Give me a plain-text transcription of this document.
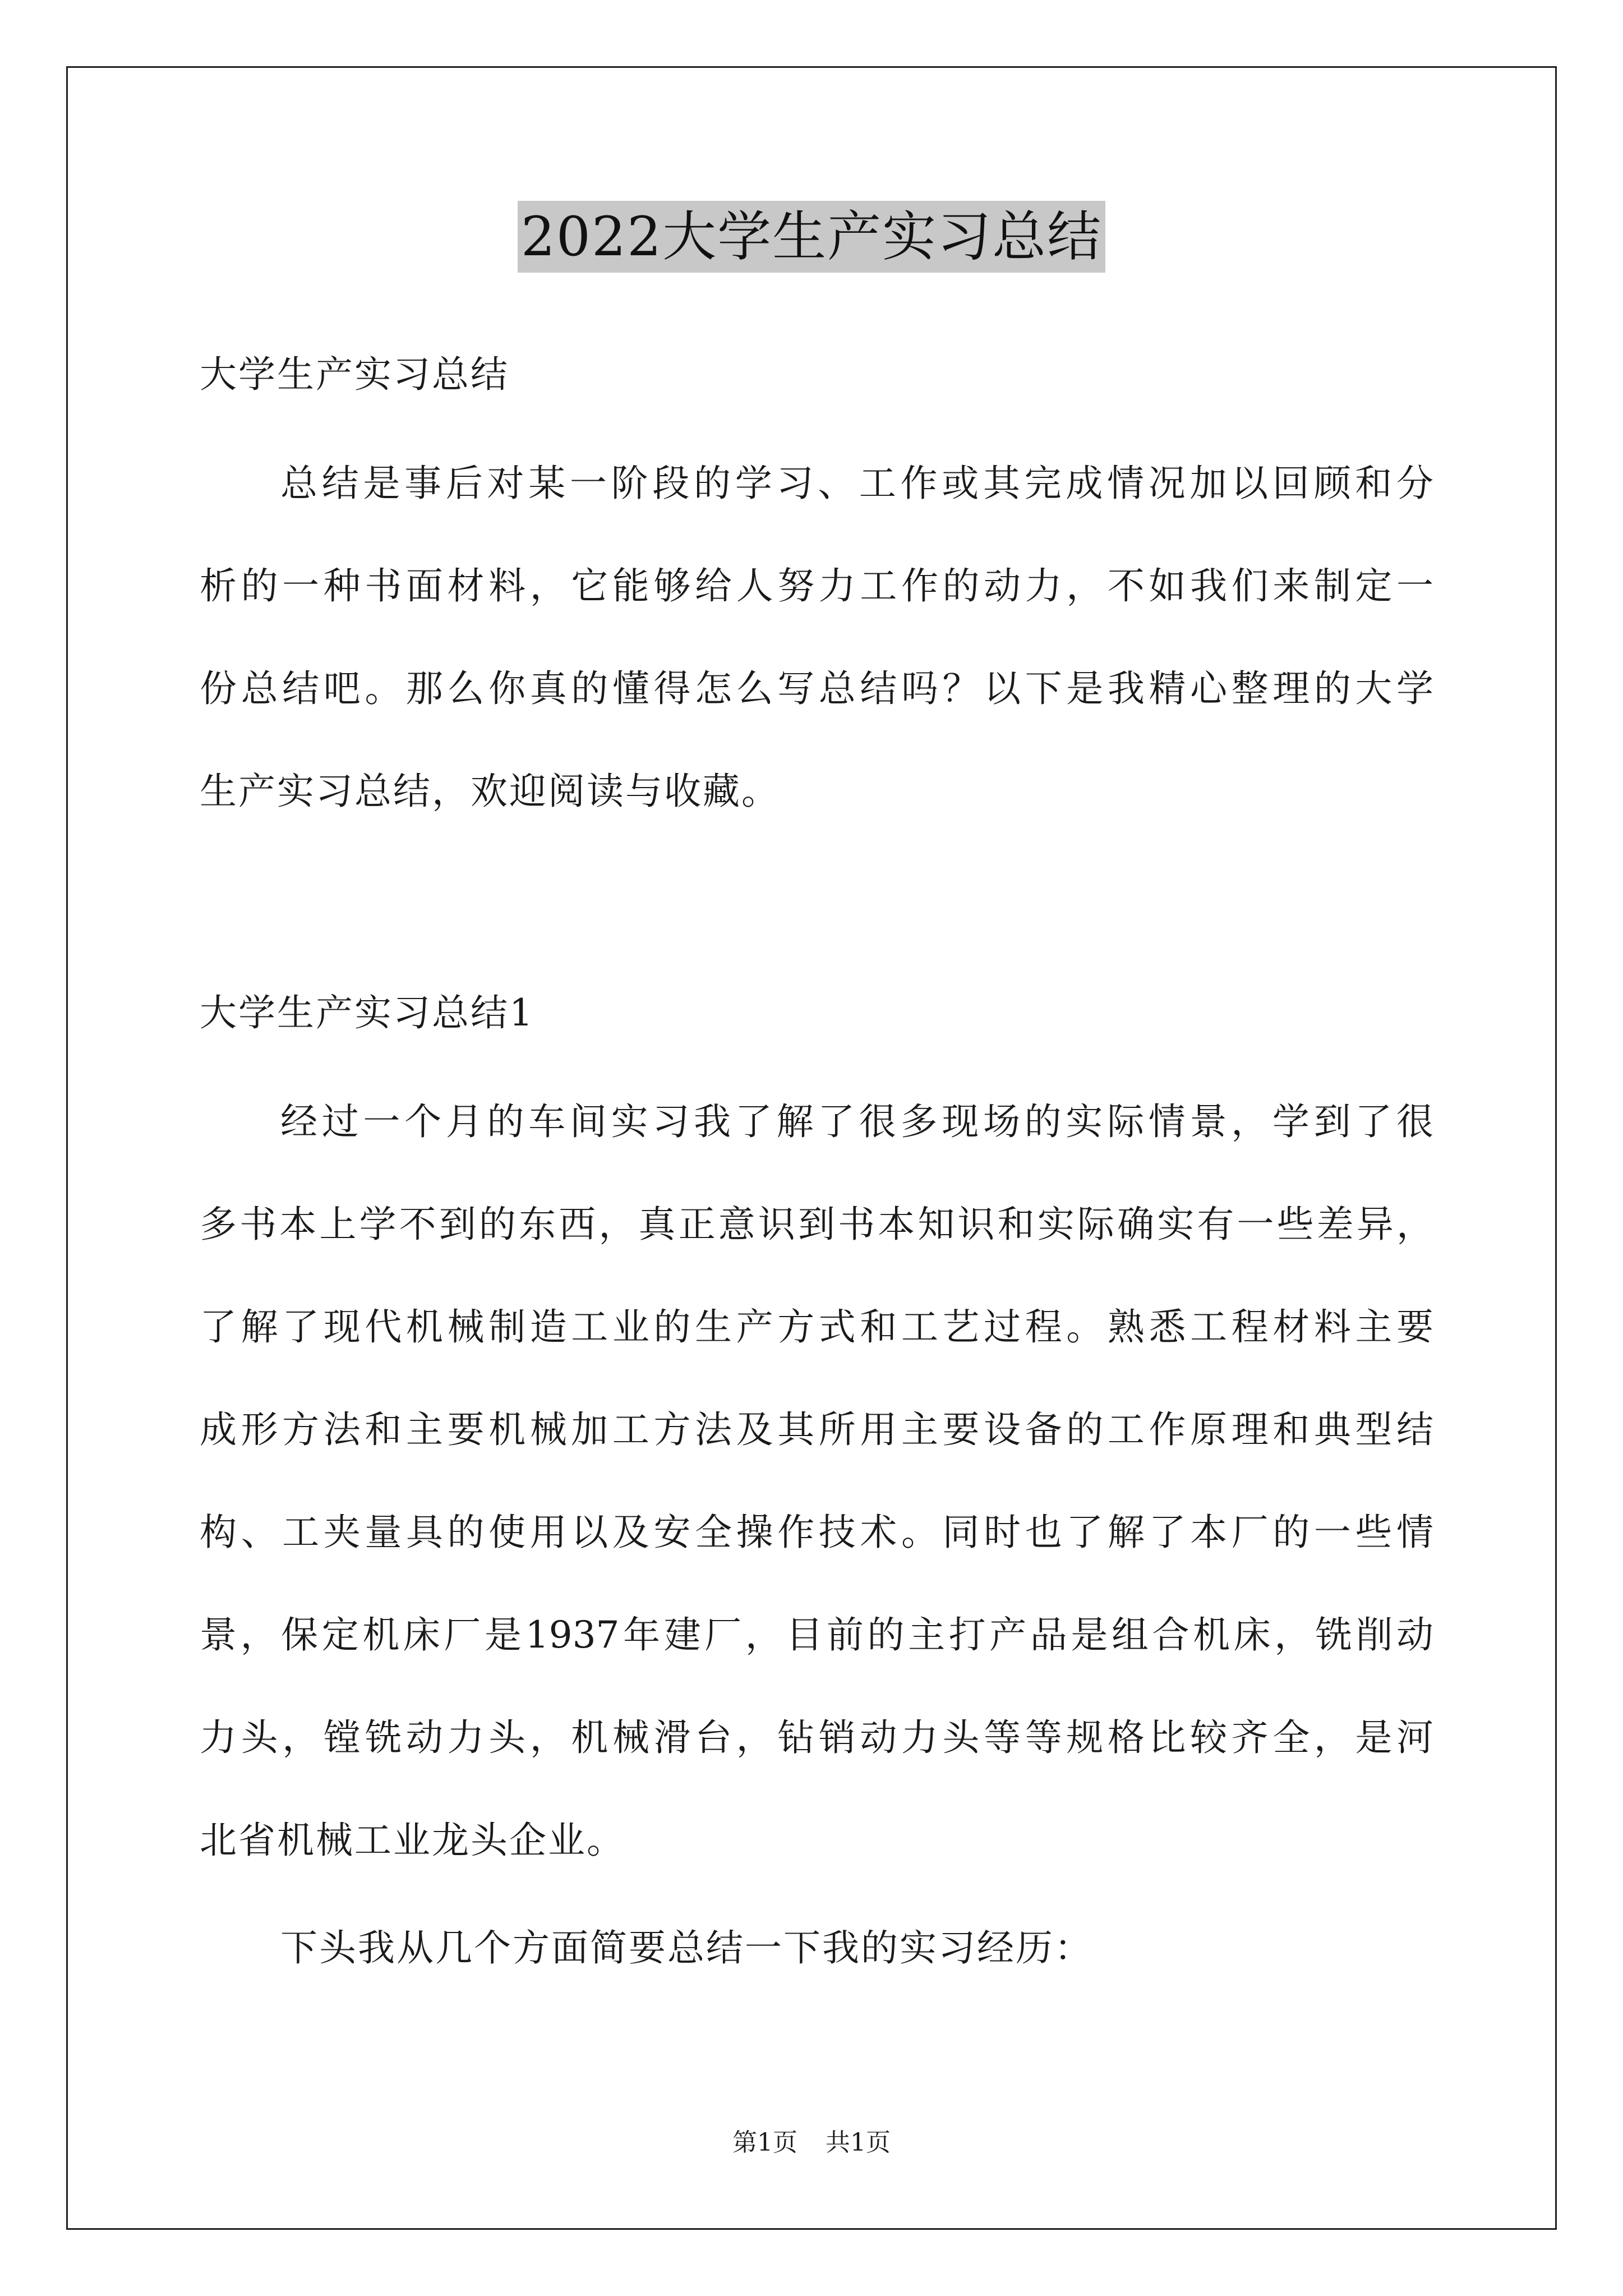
2022大学生产实习总结
大学生产实习总结
总结是事后对某一阶段的学习、工作或其完成情况加以回顾和分
析的一种书面材料，它能够给人努力工作的动力，不如我们来制定一
份总结吧。那么你真的懂得怎么写总结吗？以下是我精心整理的大学
生产实习总结，欢迎阅读与收藏。
大学生产实习总结1
经过一个月的车间实习我了解了很多现场的实际情景，学到了很
多书本上学不到的东西，真正意识到书本知识和实际确实有一些差异，
了解了现代机械制造工业的生产方式和工艺过程。熟悉工程材料主要
成形方法和主要机械加工方法及其所用主要设备的工作原理和典型结
构、工夹量具的使用以及安全操作技术。同时也了解了本厂的一些情
景，保定机床厂是1937年建厂，目前的主打产品是组合机床，铣削动
力头，镗铣动力头，机械滑台，钻销动力头等等规格比较齐全，是河
北省机械工业龙头企业。
下头我从几个方面简要总结一下我的实习经历：
第1页 共1页
